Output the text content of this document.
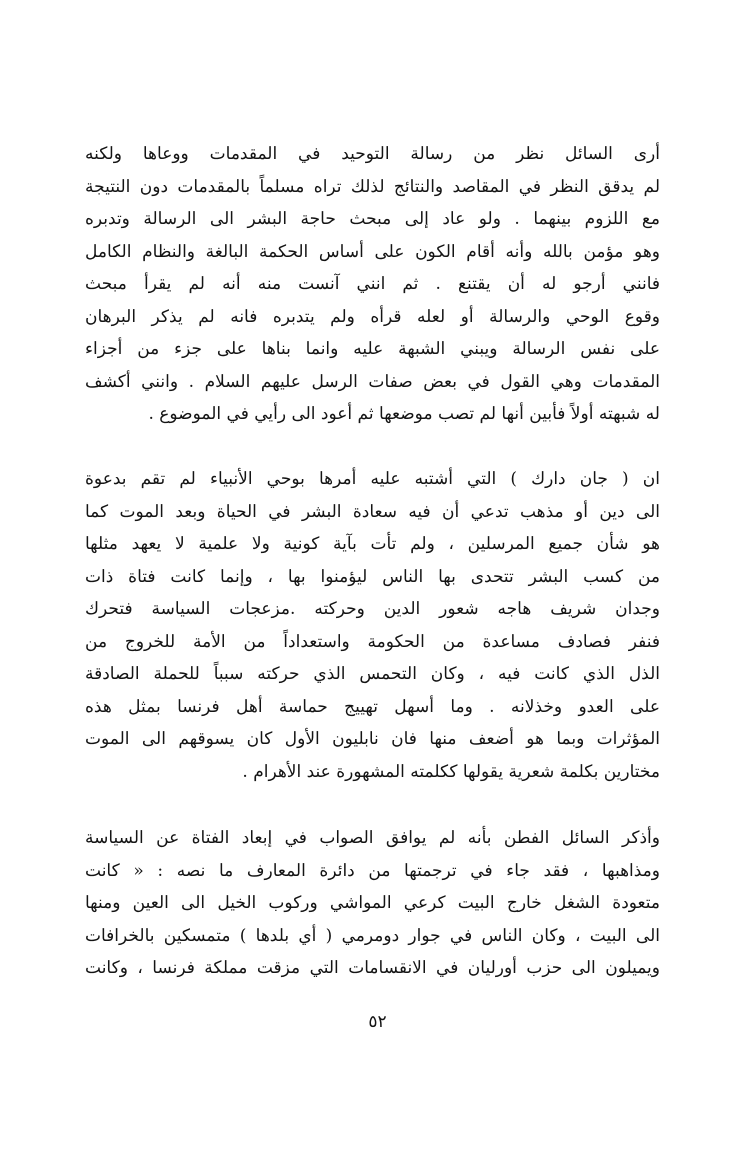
أرى السائل نظر من رسالة التوحيد في المقدمات ووعاها ولكنه
لم يدقق النظر في المقاصد والنتائج لذلك تراه مسلماً بالمقدمات دون النتيجة
مع اللزوم بينهما . ولو عاد إلى مبحث حاجة البشر الى الرسالة وتدبره
وهو مؤمن بالله وأنه أقام الكون على أساس الحكمة البالغة والنظام الكامل
فانني أرجو له أن يقتنع . ثم انني آنست منه أنه لم يقرأ مبحث
وقوع الوحي والرسالة أو لعله قرأه ولم يتدبره فانه لم يذكر البرهان
على نفس الرسالة ويبني الشبهة عليه وانما بناها على جزء من أجزاء
المقدمات وهي القول في بعض صفات الرسل عليهم السلام . وانني أكشف
له شبهته أولاً فأبين أنها لم تصب موضعها ثم أعود الى رأيي في الموضوع .
ان ( جان دارك ) التي أشتبه عليه أمرها بوحي الأنبياء لم تقم بدعوة
الى دين أو مذهب تدعي أن فيه سعادة البشر في الحياة وبعد الموت كما
هو شأن جميع المرسلين ، ولم تأت بآية كونية ولا علمية لا يعهد مثلها
من كسب البشر تتحدى بها الناس ليؤمنوا بها ، وإنما كانت فتاة ذات
وجدان شريف هاجه شعور الدين وحركته .مزعجات السياسة فتحرك
فنفر فصادف مساعدة من الحكومة واستعداداً من الأمة للخروج من
الذل الذي كانت فيه ، وكان التحمس الذي حركته سبباً للحملة الصادقة
على العدو وخذلانه . وما أسهل تهييج حماسة أهل فرنسا بمثل هذه
المؤثرات وبما هو أضعف منها فان نابليون الأول كان يسوقهم الى الموت
مختارين بكلمة شعرية يقولها ككلمته المشهورة عند الأهرام .
وأذكر السائل الفطن بأنه لم يوافق الصواب في إبعاد الفتاة عن السياسة
ومذاهبها ، فقد جاء في ترجمتها من دائرة المعارف ما نصه : « كانت
متعودة الشغل خارج البيت كرعي المواشي وركوب الخيل الى العين ومنها
الى البيت ، وكان الناس في جوار دومرمي ( أي بلدها ) متمسكين بالخرافات
ويميلون الى حزب أورليان في الانقسامات التي مزقت مملكة فرنسا ، وكانت
٥٢
